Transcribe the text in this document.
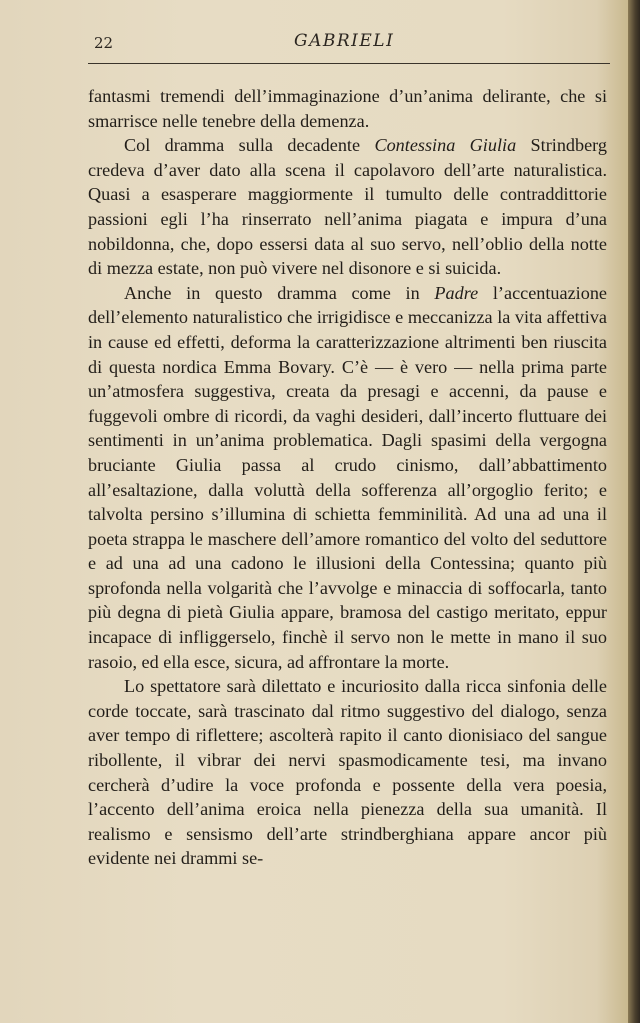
22	GABRIELI

fantasmi tremendi dell’immaginazione d’un’anima delirante, che si smarrisce nelle tenebre della demenza.

Col dramma sulla decadente Contessina Giulia Strindberg credeva d’aver dato alla scena il capolavoro dell’arte naturalistica. Quasi a esasperare maggiormente il tumulto delle contraddittorie passioni egli l’ha rinserrato nell’anima piagata e impura d’una nobildonna, che, dopo essersi data al suo servo, nell’oblio della notte di mezza estate, non può vivere nel disonore e si suicida.

Anche in questo dramma come in Padre l’accentuazione dell’elemento naturalistico che irrigidisce e meccanizza la vita affettiva in cause ed effetti, deforma la caratterizzazione altrimenti ben riuscita di questa nordica Emma Bovary. C’è — è vero — nella prima parte un’atmosfera suggestiva, creata da presagi e accenni, da pause e fuggevoli ombre di ricordi, da vaghi desideri, dall’incerto fluttuare dei sentimenti in un’anima problematica. Dagli spasimi della vergogna bruciante Giulia passa al crudo cinismo, dall’abbattimento all’esaltazione, dalla voluttà della sofferenza all’orgoglio ferito; e talvolta persino s’illumina di schietta femminilità. Ad una ad una il poeta strappa le maschere dell’amore romantico del volto del seduttore e ad una ad una cadono le illusioni della Contessina; quanto più sprofonda nella volgarità che l’avvolge e minaccia di soffocarla, tanto più degna di pietà Giulia appare, bramosa del castigo meritato, eppur incapace di infliggerselo, finchè il servo non le mette in mano il suo rasoio, ed ella esce, sicura, ad affrontare la morte.

Lo spettatore sarà dilettato e incuriosito dalla ricca sinfonia delle corde toccate, sarà trascinato dal ritmo suggestivo del dialogo, senza aver tempo di riflettere; ascolterà rapito il canto dionisiaco del sangue ribollente, il vibrar dei nervi spasmodicamente tesi, ma invano cercherà d’udire la voce profonda e possente della vera poesia, l’accento dell’anima eroica nella pienezza della sua umanità. Il realismo e sensismo dell’arte strindberghiana appare ancor più evidente nei drammi se-
